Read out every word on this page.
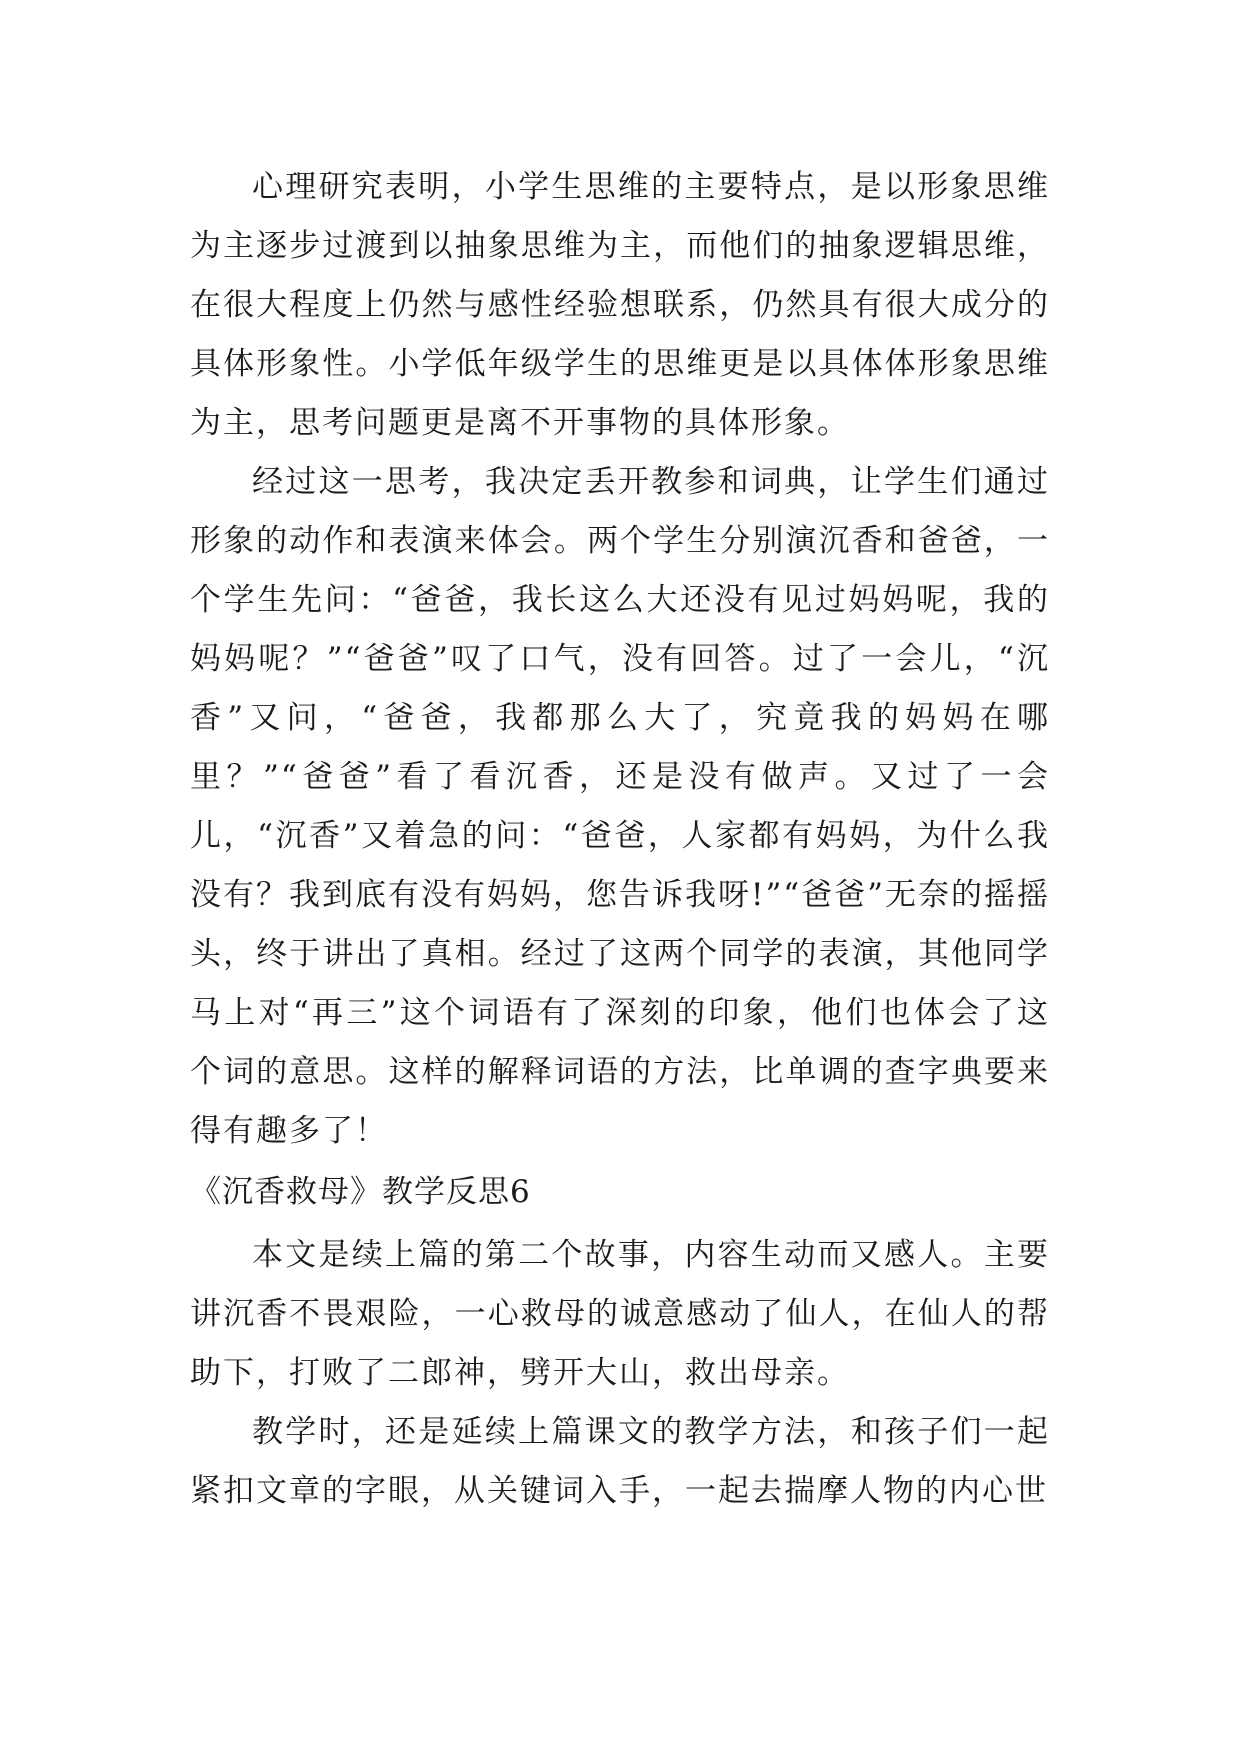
心理研究表明，小学生思维的主要特点，是以形象思维为主逐步过渡到以抽象思维为主，而他们的抽象逻辑思维，在很大程度上仍然与感性经验想联系，仍然具有很大成分的具体形象性。小学低年级学生的思维更是以具体体形象思维为主，思考问题更是离不开事物的具体形象。

经过这一思考，我决定丢开教参和词典，让学生们通过形象的动作和表演来体会。两个学生分别演沉香和爸爸，一个学生先问：“爸爸，我长这么大还没有见过妈妈呢，我的妈妈呢？”“爸爸”叹了口气，没有回答。过了一会儿，“沉香”又问，“爸爸，我都那么大了，究竟我的妈妈在哪里？”“爸爸”看了看沉香，还是没有做声。又过了一会儿，“沉香”又着急的问：“爸爸，人家都有妈妈，为什么我没有？我到底有没有妈妈，您告诉我呀!”“爸爸”无奈的摇摇头，终于讲出了真相。经过了这两个同学的表演，其他同学马上对“再三”这个词语有了深刻的印象，他们也体会了这个词的意思。这样的解释词语的方法，比单调的查字典要来得有趣多了！

《沉香救母》教学反思6

本文是续上篇的第二个故事，内容生动而又感人。主要讲沉香不畏艰险，一心救母的诚意感动了仙人，在仙人的帮助下，打败了二郎神，劈开大山，救出母亲。

教学时，还是延续上篇课文的教学方法，和孩子们一起紧扣文章的字眼，从关键词入手，一起去揣摩人物的内心世
